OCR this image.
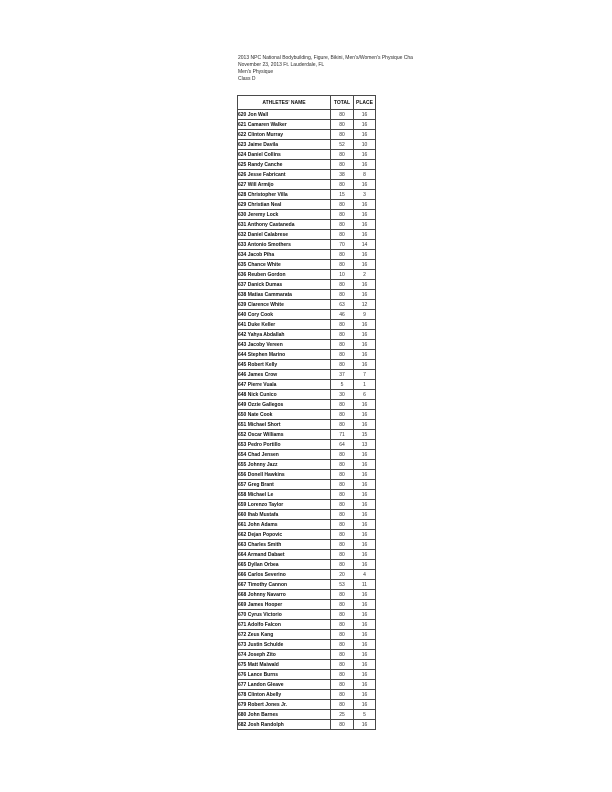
2013 NPC National Bodybuilding, Figure, Bikini, Men's/Women's Physique Cha
November 23, 2013 Ft. Lauderdale, FL
Men's Physique
Class D
ATHLETES' NAME	TOTAL	PLACE
620 Jon Wall	80	16
621 Camaren Walker	80	16
622 Clinton Murray	80	16
623 Jaime Davila	52	10
624 Daniel Collins	80	16
625 Randy Canche	80	16
626 Jesse Fabricant	38	8
627 Will Armijo	80	16
628 Christopher Villa	15	3
629 Christian Neal	80	16
630 Jeremy Lock	80	16
631 Anthony Castaneda	80	16
632 Daniel Calabrese	80	16
633 Antonio Smothers	70	14
634 Jacob Piha	80	16
635 Chance White	80	16
636 Reuben Gordon	10	2
637 Danick Dumas	80	16
638 Matias Cammarata	80	16
639 Clarence White	63	12
640 Cory Cook	46	9
641 Duke Keller	80	16
642 Yahya Abdallah	80	16
643 Jacoby Vereen	80	16
644 Stephen Marino	80	16
645 Robert Kelly	80	16
646 James Crow	37	7
647 Pierre Vuala	5	1
648 Nick Cunico	30	6
649 Ozzie Gallegos	80	16
650 Nate Cook	80	16
651 Michael Short	80	16
652 Oscar Williams	71	15
653 Pedro Portillo	64	13
654 Chad Jensen	80	16
655 Johnny Jazz	80	16
656 Donell Hawkins	80	16
657 Greg Brant	80	16
658 Michael Le	80	16
659 Lorenzo Taylor	80	16
660 Ihab Mustafa	80	16
661 John Adams	80	16
662 Dejan Popovic	80	16
663 Charles Smith	80	16
664 Armand Dabaet	80	16
665 Dyllan Orbea	80	16
666 Carlos Severino	20	4
667 Timothy Cannon	53	11
668 Johnny Navarro	80	16
669 James Hooper	80	16
670 Cyrus Victorio	80	16
671 Adolfo Falcon	80	16
672 Zeus Kang	80	16
673 Justin Schulde	80	16
674 Joseph Zito	80	16
675 Matt Maiwald	80	16
676 Lance Burns	80	16
677 Landon Gleave	80	16
678 Clinton Abelly	80	16
679 Robert Jones Jr.	80	16
680 John Barnes	25	5
682 Josh Randolph	80	16
